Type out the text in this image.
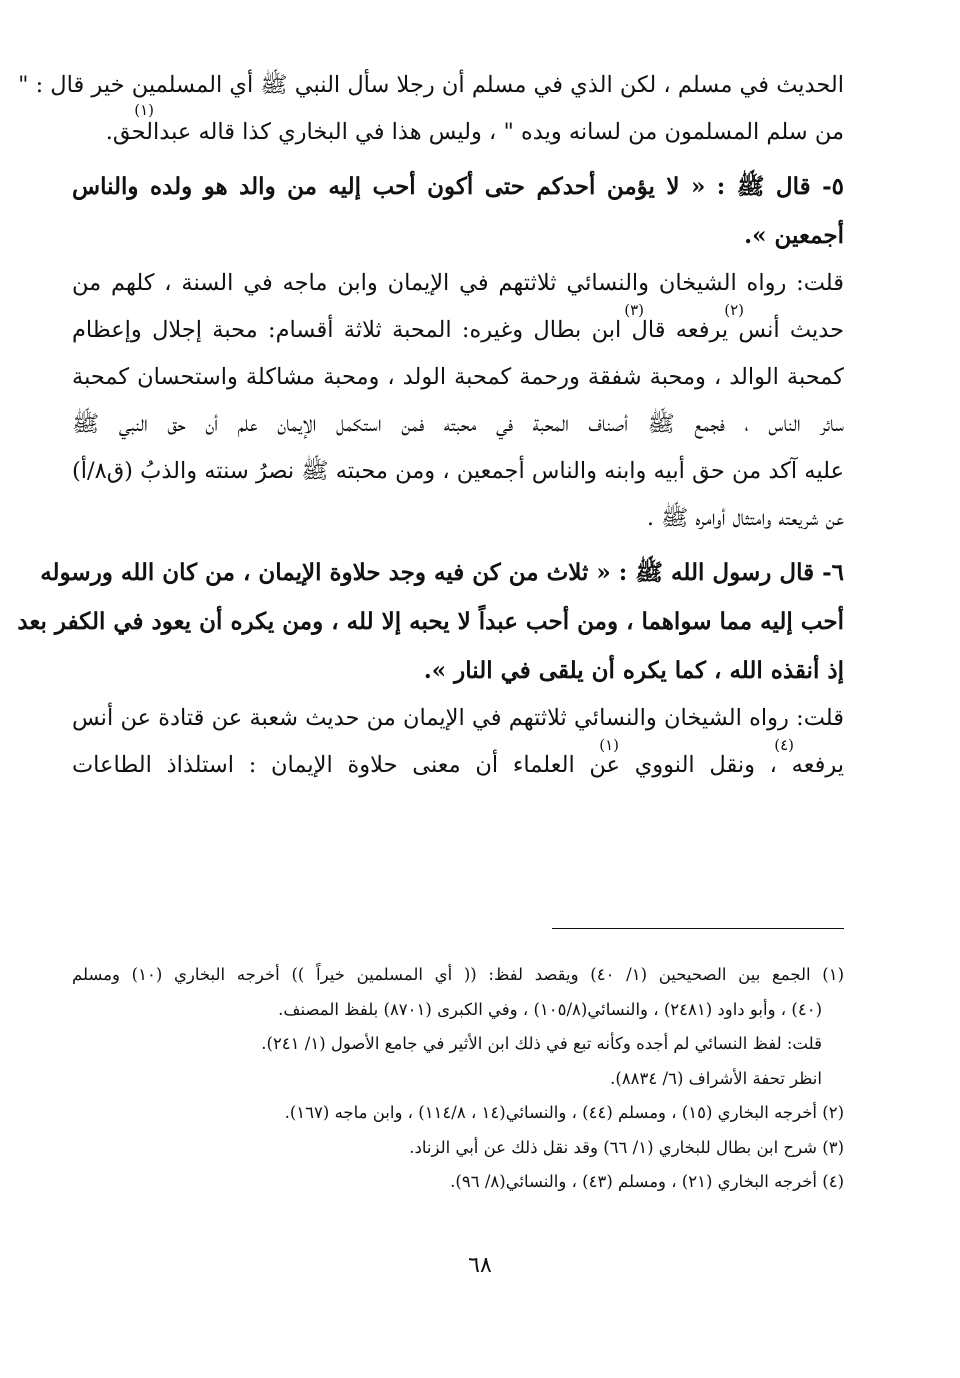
الحديث في مسلم ، لكن الذي في مسلم أن رجلا سأل النبي ﷺ أي المسلمين خير قال : "
من سلم المسلمون من لسانه ويده " ، وليس هذا في البخاري كذا قاله عبدالحق.
(١)
٥- قال ﷺ : « لا يؤمن أحدكم حتى أكون أحب إليه من والد هو ولده والناس
أجمعين ».
قلت: رواه الشيخان والنسائي ثلاثتهم في الإيمان وابن ماجه في السنة ، كلهم من
حديث أنس يرفعه قال ابن بطال وغيره: المحبة ثلاثة أقسام: محبة إجلال وإعظام
(٢)
(٣)
كمحبة الوالد ، ومحبة شفقة ورحمة كمحبة الولد ، ومحبة مشاكلة واستحسان كمحبة
سائر الناس ، فجمع ﷺ أصناف المحبة في محبته فمن استكمل الإيمان علم أن حق النبي ﷺ
عليه آكد من حق أبيه وابنه والناس أجمعين ، ومن محبته ﷺ نصرُ سنته والذبُ (ق٨/أ)
عن شريعته وامتثال أوامره ﷺ .
٦- قال رسول الله ﷺ : « ثلاث من كن فيه وجد حلاوة الإيمان ، من كان الله ورسوله
أحب إليه مما سواهما ، ومن أحب عبداً لا يحبه إلا لله ، ومن يكره أن يعود في الكفر بعد
إذ أنقذه الله ، كما يكره أن يلقى في النار ».
قلت: رواه الشيخان والنسائي ثلاثتهم في الإيمان من حديث شعبة عن قتادة عن أنس
يرفعه ، ونقل النووي عن العلماء أن معنى حلاوة الإيمان : استلذاذ الطاعات
(٤)
(١)
(١) الجمع بين الصحيحين (١/ ٤٠) ويقصد لفظ: (( أي المسلمين خيراً )) أخرجه البخاري (١٠) ومسلم
(٤٠) ، وأبو داود (٢٤٨١) ، والنسائي(١٠٥/٨) ، وفي الكبرى (٨٧٠١) بلفظ المصنف.
قلت: لفظ النسائي لم أجده وكأنه تبع في ذلك ابن الأثير في جامع الأصول (١/ ٢٤١).
انظر تحفة الأشراف (٦/ ٨٨٣٤).
(٢) أخرجه البخاري (١٥) ، ومسلم (٤٤) ، والنسائي(١٤ ، ١١٤/٨) ، وابن ماجه (١٦٧).
(٣) شرح ابن بطال للبخاري (١/ ٦٦) وقد نقل ذلك عن أبي الزناد.
(٤) أخرجه البخاري (٢١) ، ومسلم (٤٣) ، والنسائي(٨/ ٩٦).
٦٨
